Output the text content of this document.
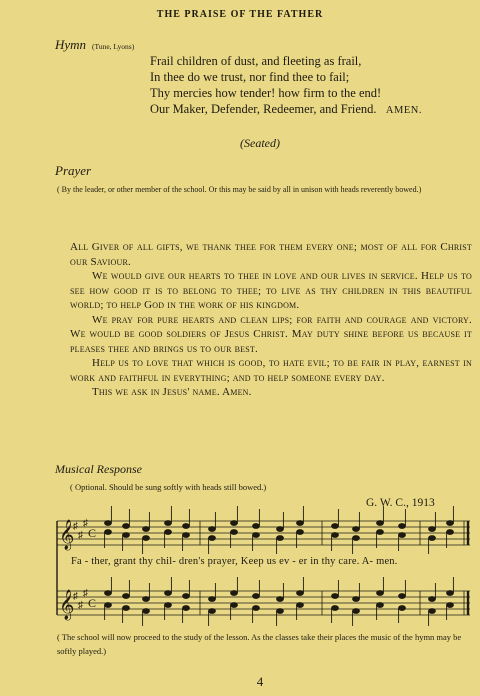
THE PRAISE OF THE FATHER
Hymn (Tune, Lyons)
Frail children of dust, and fleeting as frail,
In thee do we trust, nor find thee to fail;
Thy mercies how tender! how firm to the end!
Our Maker, Defender, Redeemer, and Friend. AMEN.
(Seated)
Prayer
( By the leader, or other member of the school. Or this may be said by all in unison with heads reverently bowed.)

All Giver of all gifts, we thank thee for them every one; most of all for Christ our Saviour.

We would give our hearts to thee in love and our lives in service. Help us to see how good it is to belong to thee; to live as thy children in this beautiful world; to help God in the work of his kingdom.

We pray for pure hearts and clean lips; for faith and courage and victory. We would be good soldiers of Jesus Christ. May duty shine before us because it pleases thee and brings us to our best.

Help us to love that which is good, to hate evil; to be fair in play, earnest in work and faithful in everything; and to help someone every day.

This we ask in Jesus' name. Amen.

Musical Response
( Optional. Should be sung softly with heads still bowed.)
G. W. C., 1913
𝄞
♯
♯
♯
C
𝄞
♯
♯
♯
C
Fa - ther, grant thy chil- dren's prayer, Keep us ev - er in thy care. A- men.
( The school will now proceed to the study of the lesson. As the classes take their places the music of the hymn may be softly played.)
4
